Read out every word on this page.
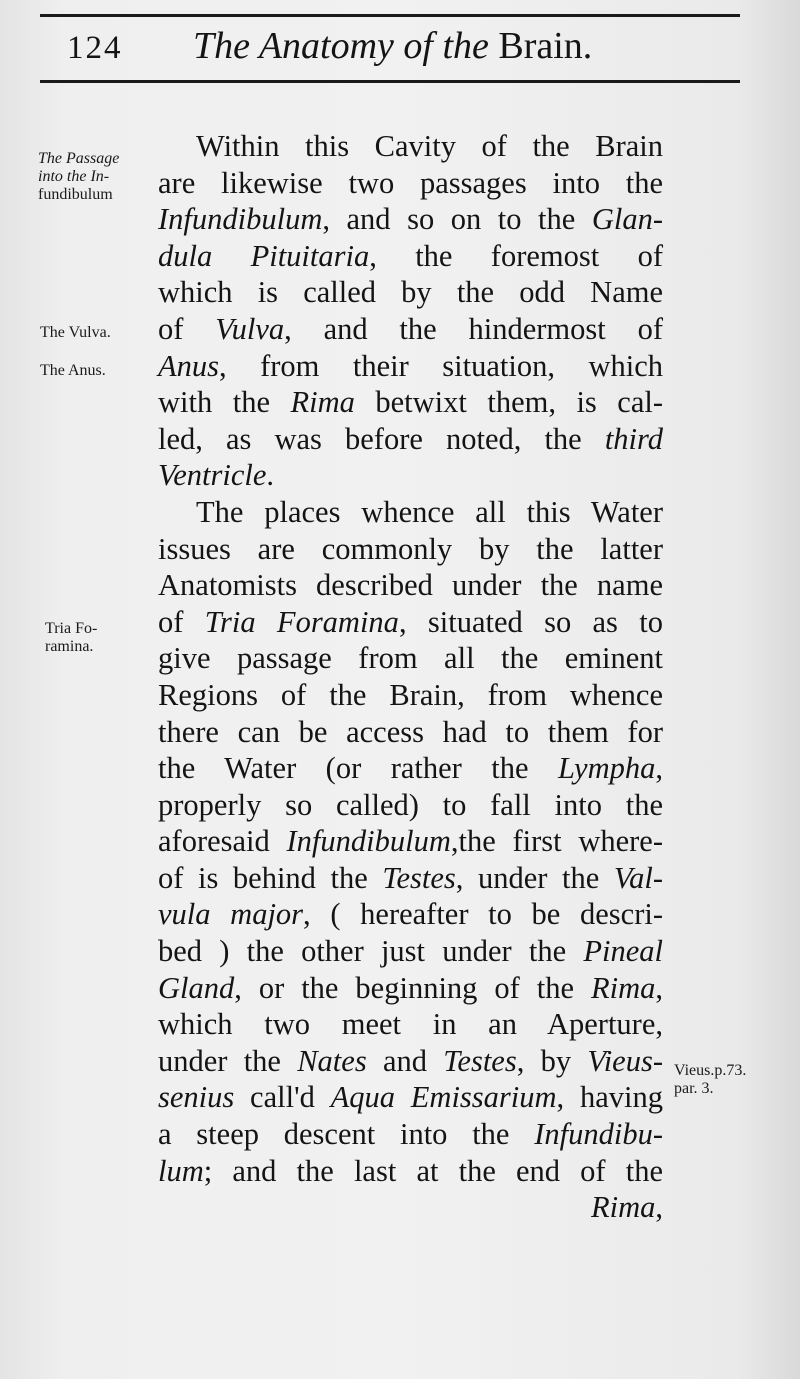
124 The Anatomy of the Brain.
The Passage
into the In-
fundibulum
The Vulva.
The Anus.
Tria Fo-
ramina.
Vieus.p.73.
par. 3.
Within this Cavity of the Brain
are likewise two passages into the
Infundibulum, and so on to the Glan-
dula Pituitaria, the foremost of
which is called by the odd Name
of Vulva, and the hindermost of
Anus, from their situation, which
with the Rima betwixt them, is cal-
led, as was before noted, the third
Ventricle.
The places whence all this Water
issues are commonly by the latter
Anatomists described under the name
of Tria Foramina, situated so as to
give passage from all the eminent
Regions of the Brain, from whence
there can be access had to them for
the Water (or rather the Lympha,
properly so called) to fall into the
aforesaid Infundibulum,the first where-
of is behind the Testes, under the Val-
vula major, ( hereafter to be descri-
bed ) the other just under the Pineal
Gland, or the beginning of the Rima,
which two meet in an Aperture,
under the Nates and Testes, by Vieus-
senius call'd Aqua Emissarium, having
a steep descent into the Infundibu-
lum; and the last at the end of the
Rima,
